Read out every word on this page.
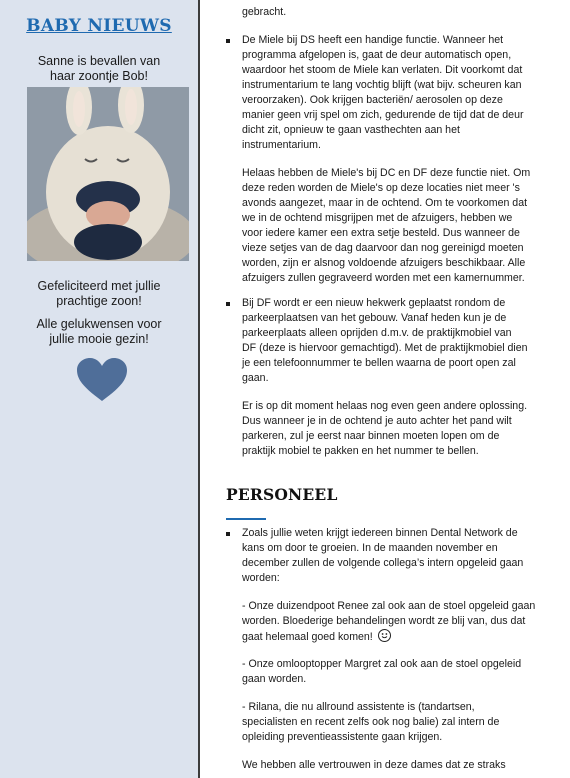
BABY NIEUWS
Sanne is bevallen van
haar zoontje Bob!
Gefeliciteerd met jullie
prachtige zoon!
Alle gelukwensen voor
jullie mooie gezin!
gebracht.
De Miele bij DS heeft een handige functie. Wanneer het
programma afgelopen is, gaat de deur automatisch open,
waardoor het stoom de Miele kan verlaten. Dit voorkomt dat
instrumentarium te lang vochtig blijft (wat bijv. scheuren kan
veroorzaken). Ook krijgen bacteriën/ aerosolen op deze
manier geen vrij spel om zich, gedurende de tijd dat de deur
dicht zit, opnieuw te gaan vasthechten aan het
instrumentarium.
Helaas hebben de Miele's bij DC en DF deze functie niet. Om
deze reden worden de Miele's op deze locaties niet meer 's
avonds aangezet, maar in de ochtend. Om te voorkomen dat
we in de ochtend misgrijpen met de afzuigers, hebben we
voor iedere kamer een extra setje besteld. Dus wanneer de
vieze setjes van de dag daarvoor dan nog gereinigd moeten
worden, zijn er alsnog voldoende afzuigers beschikbaar. Alle
afzuigers zullen gegraveerd worden met een kamernummer.
Bij DF wordt er een nieuw hekwerk geplaatst rondom de
parkeerplaatsen van het gebouw. Vanaf heden kun je de
parkeerplaats alleen oprijden d.m.v. de praktijkmobiel van
DF (deze is hiervoor gemachtigd). Met de praktijkmobiel dien
je een telefoonnummer te bellen waarna de poort open zal
gaan.
Er is op dit moment helaas nog even geen andere oplossing.
Dus wanneer je in de ochtend je auto achter het pand wilt
parkeren, zul je eerst naar binnen moeten lopen om de
praktijk mobiel te pakken en het nummer te bellen.
PERSONEEL
Zoals jullie weten krijgt iedereen binnen Dental Network de
kans om door te groeien. In de maanden november en
december zullen de volgende collega’s intern opgeleid gaan
worden:
- Onze duizendpoot Renee zal ook aan de stoel opgeleid gaan
worden. Bloederige behandelingen wordt ze blij van, dus dat
gaat helemaal goed komen!
- Onze omlooptopper Margret zal ook aan de stoel opgeleid
gaan worden.
- Rilana, die nu allround assistente is (tandartsen,
specialisten en recent zelfs ook nog balie) zal intern de
opleiding preventieassistente gaan krijgen.
We hebben alle vertrouwen in deze dames dat ze straks
